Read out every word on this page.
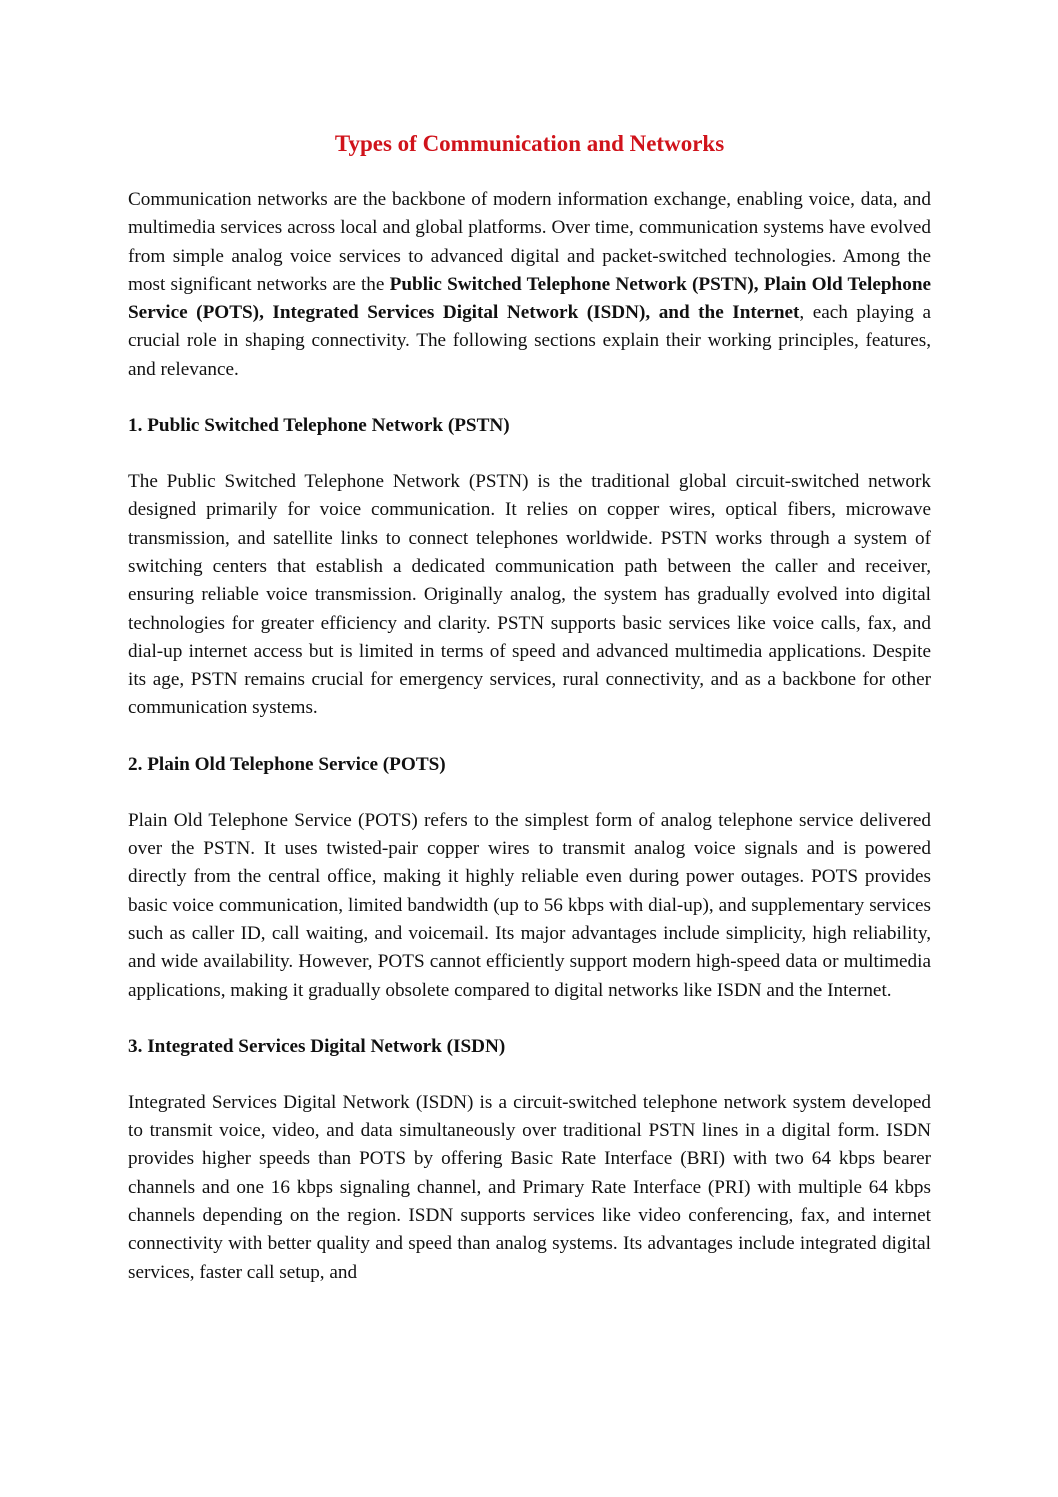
Types of Communication and Networks

Communication networks are the backbone of modern information exchange, enabling voice, data, and multimedia services across local and global platforms. Over time, communication systems have evolved from simple analog voice services to advanced digital and packet-switched technologies. Among the most significant networks are the Public Switched Telephone Network (PSTN), Plain Old Telephone Service (POTS), Integrated Services Digital Network (ISDN), and the Internet, each playing a crucial role in shaping connectivity. The following sections explain their working principles, features, and relevance.

1. Public Switched Telephone Network (PSTN)

The Public Switched Telephone Network (PSTN) is the traditional global circuit-switched network designed primarily for voice communication. It relies on copper wires, optical fibers, microwave transmission, and satellite links to connect telephones worldwide. PSTN works through a system of switching centers that establish a dedicated communication path between the caller and receiver, ensuring reliable voice transmission. Originally analog, the system has gradually evolved into digital technologies for greater efficiency and clarity. PSTN supports basic services like voice calls, fax, and dial-up internet access but is limited in terms of speed and advanced multimedia applications. Despite its age, PSTN remains crucial for emergency services, rural connectivity, and as a backbone for other communication systems.

2. Plain Old Telephone Service (POTS)

Plain Old Telephone Service (POTS) refers to the simplest form of analog telephone service delivered over the PSTN. It uses twisted-pair copper wires to transmit analog voice signals and is powered directly from the central office, making it highly reliable even during power outages. POTS provides basic voice communication, limited bandwidth (up to 56 kbps with dial-up), and supplementary services such as caller ID, call waiting, and voicemail. Its major advantages include simplicity, high reliability, and wide availability. However, POTS cannot efficiently support modern high-speed data or multimedia applications, making it gradually obsolete compared to digital networks like ISDN and the Internet.

3. Integrated Services Digital Network (ISDN)

Integrated Services Digital Network (ISDN) is a circuit-switched telephone network system developed to transmit voice, video, and data simultaneously over traditional PSTN lines in a digital form. ISDN provides higher speeds than POTS by offering Basic Rate Interface (BRI) with two 64 kbps bearer channels and one 16 kbps signaling channel, and Primary Rate Interface (PRI) with multiple 64 kbps channels depending on the region. ISDN supports services like video conferencing, fax, and internet connectivity with better quality and speed than analog systems. Its advantages include integrated digital services, faster call setup, and
